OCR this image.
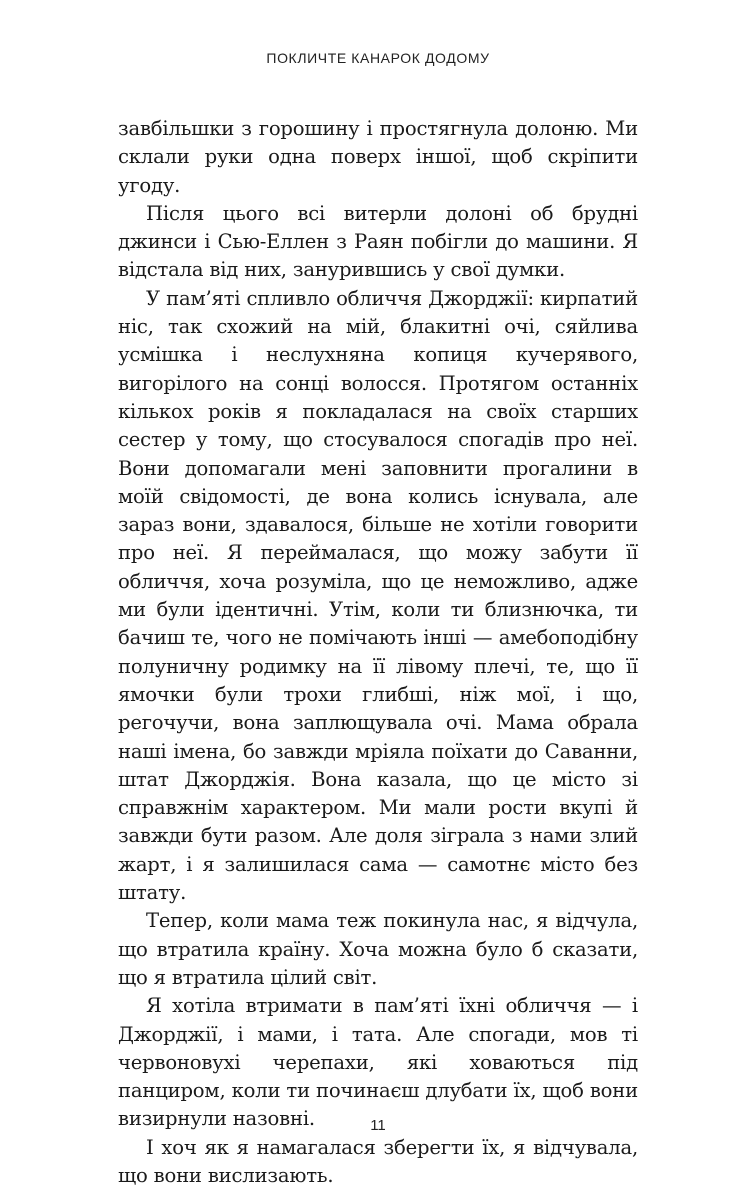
ПОКЛИЧТЕ КАНАРОК ДОДОМУ

завбільшки з горошину і простягнула долоню. Ми склали руки одна поверх іншої, щоб скріпити угоду.

Після цього всі витерли долоні об брудні джинси і Сью-Еллен з Раян побігли до машини. Я відстала від них, занурившись у свої думки.

У пам’яті спливло обличчя Джорджії: кирпатий ніс, так схожий на мій, блакитні очі, сяйлива усмішка і неслухняна копиця кучерявого, вигорілого на сонці волосся. Протягом останніх кількох років я покладалася на своїх старших сестер у тому, що стосувалося спогадів про неї. Вони допомагали мені заповнити прогалини в моїй свідомості, де вона колись існувала, але зараз вони, здавалося, більше не хотіли говорити про неї. Я переймалася, що можу забути її обличчя, хоча розуміла, що це неможливо, адже ми були ідентичні. Утім, коли ти близнючка, ти бачиш те, чого не помічають інші — амебоподібну полуничну родимку на її лівому плечі, те, що її ямочки були трохи глибші, ніж мої, і що, регочучи, вона заплющувала очі. Мама обрала наші імена, бо завжди мріяла поїхати до Саванни, штат Джорджія. Вона казала, що це місто зі справжнім характером. Ми мали рости вкупі й завжди бути разом. Але доля зіграла з нами злий жарт, і я залишилася сама — самотнє місто без штату.

Тепер, коли мама теж покинула нас, я відчула, що втратила країну. Хоча можна було б сказати, що я втратила цілий світ.

Я хотіла втримати в пам’яті їхні обличчя — і Джорджії, і мами, і тата. Але спогади, мов ті червоновухі черепахи, які ховаються під панциром, коли ти починаєш длубати їх, щоб вони визирнули назовні.

І хоч як я намагалася зберегти їх, я відчувала, що вони вислизають.

11
